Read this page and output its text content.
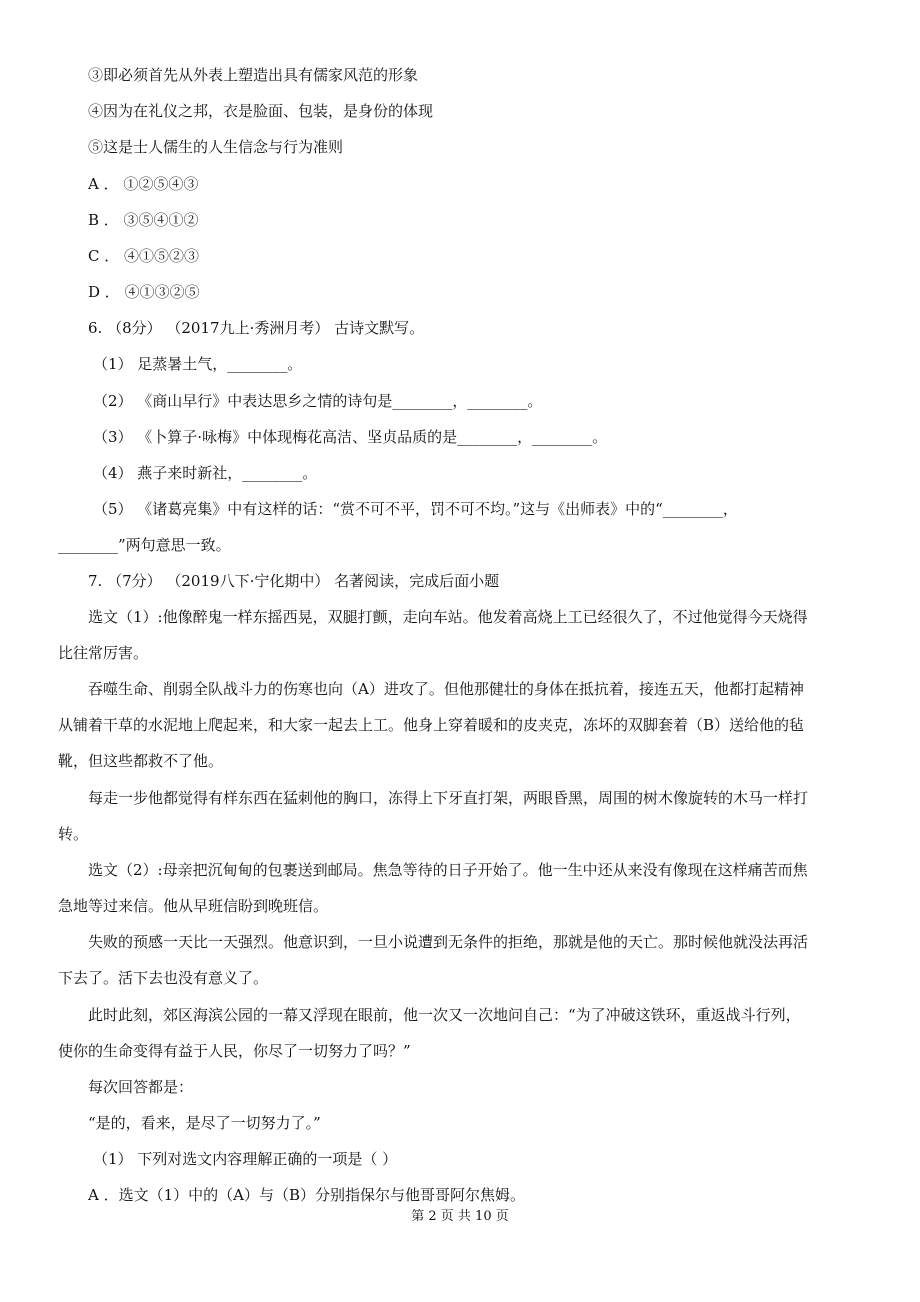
③即必须首先从外表上塑造出具有儒家风范的形象
④因为在礼仪之邦，衣是脸面、包装，是身份的体现
⑤这是士人儒生的人生信念与行为准则
A ． ①②⑤④③
B ． ③⑤④①②
C ． ④①⑤②③
D ． ④①③②⑤
6. （8分） （2017九上·秀洲月考） 古诗文默写。
（1） 足蒸暑土气，________。
（2） 《商山早行》中表达思乡之情的诗句是________，________。
（3） 《卜算子·咏梅》中体现梅花高洁、坚贞品质的是________，________。
（4） 燕子来时新社，________。
（5） 《诸葛亮集》中有这样的话：“赏不可不平，罚不可不均。”这与《出师表》中的“________，
________”两句意思一致。
7. （7分） （2019八下·宁化期中） 名著阅读，完成后面小题
选文（1）:他像醉鬼一样东摇西晃，双腿打颤，走向车站。他发着高烧上工已经很久了，不过他觉得今天烧得
比往常厉害。
吞噬生命、削弱全队战斗力的伤寒也向（A）进攻了。但他那健壮的身体在抵抗着，接连五天，他都打起精神
从铺着干草的水泥地上爬起来，和大家一起去上工。他身上穿着暖和的皮夹克，冻坏的双脚套着（B）送给他的毡
靴，但这些都救不了他。
每走一步他都觉得有样东西在猛刺他的胸口，冻得上下牙直打架，两眼昏黑，周围的树木像旋转的木马一样打
转。
选文（2）:母亲把沉甸甸的包裹送到邮局。焦急等待的日子开始了。他一生中还从来没有像现在这样痛苦而焦
急地等过来信。他从早班信盼到晚班信。
失败的预感一天比一天强烈。他意识到，一旦小说遭到无条件的拒绝，那就是他的天亡。那时候他就没法再活
下去了。活下去也没有意义了。
此时此刻，郊区海滨公园的一幕又浮现在眼前，他一次又一次地问自己：“为了冲破这铁环，重返战斗行列，
使你的生命变得有益于人民，你尽了一切努力了吗？”
每次回答都是：
“是的，看来，是尽了一切努力了。”
（1） 下列对选文内容理解正确的一项是（ ）
A ．选文（1）中的（A）与（B）分别指保尔与他哥哥阿尔焦姆。
第 2 页 共 10 页
